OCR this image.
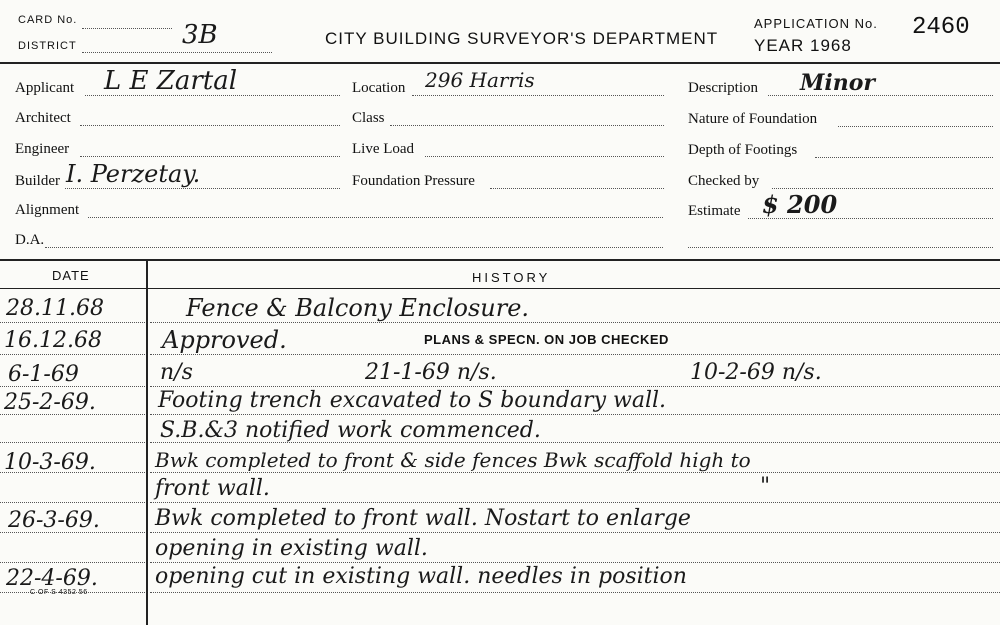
CARD No.
DISTRICT	3B	CITY BUILDING SURVEYOR'S DEPARTMENT
APPLICATION No. 2460
YEAR 1968
Applicant L E Zartal
Architect
Engineer
Builder I. Perzetay.
Alignment
D.A.
Location 296 Harris
Class
Live Load
Foundation Pressure
Description Minor
Nature of Foundation
Depth of Footings
Checked by
Estimate $ 200
DATE	HISTORY
28.11.68	Fence & Balcony Enclosure.
16.12.68	Approved.	PLANS & SPECN. ON JOB CHECKED
6-1-69	n/s	21-1-69 n/s.	10-2-69 n/s.
25-2-69.	Footing trench excavated to S boundary wall.
S.B.&3 notified work commenced.
10-3-69.	Bwk completed to front & side fences Bwk scaffold high to
front wall.	"
26-3-69.	Bwk completed to front wall. Nostart to enlarge
opening in existing wall.
22-4-69.	opening cut in existing wall. needles in position
C OF S 4352 56
